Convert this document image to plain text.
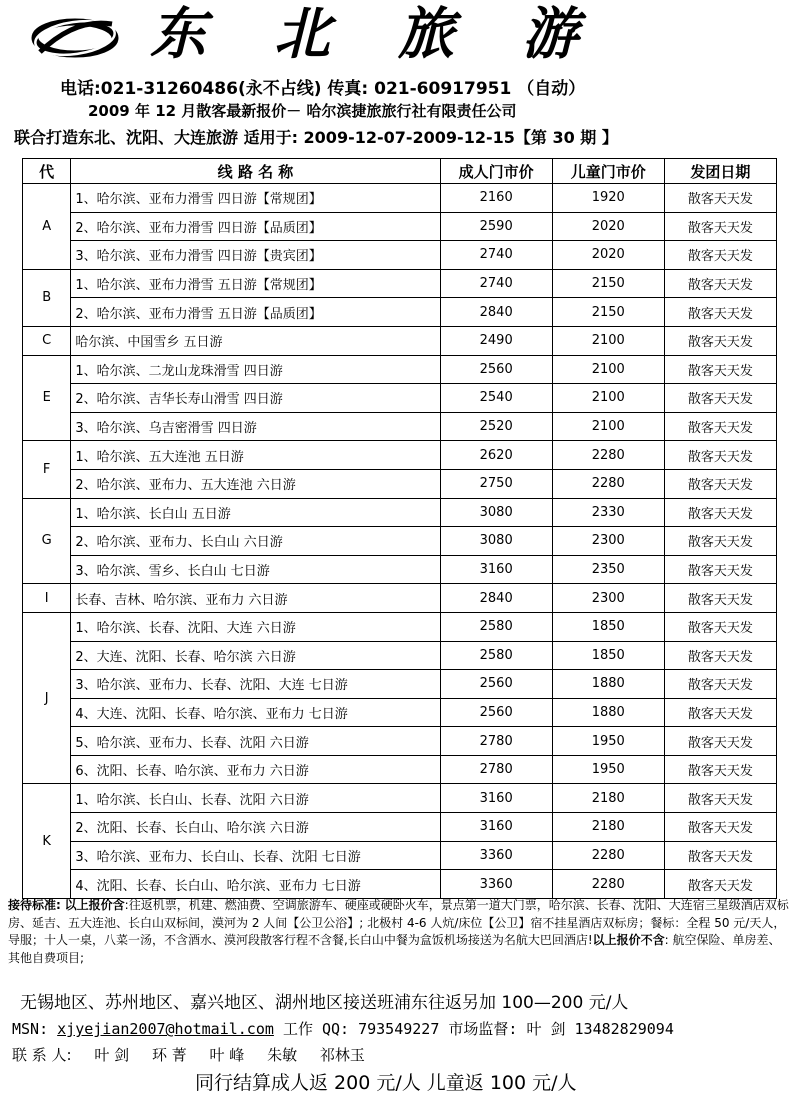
东北旅游
电话:021-31260486(永不占线) 传真: 021-60917951 （自动）
2009 年 12 月散客最新报价－ 哈尔滨捷旅旅行社有限责任公司
联合打造东北、沈阳、大连旅游 适用于: 2009-12-07-2009-12-15【第 30 期 】
代	线 路 名 称	成人门市价	儿童门市价	发团日期
A	1、哈尔滨、亚布力滑雪 四日游【常规团】	2160	1920	散客天天发
	2、哈尔滨、亚布力滑雪 四日游【品质团】	2590	2020	散客天天发
	3、哈尔滨、亚布力滑雪 四日游【贵宾团】	2740	2020	散客天天发
B	1、哈尔滨、亚布力滑雪 五日游【常规团】	2740	2150	散客天天发
	2、哈尔滨、亚布力滑雪 五日游【品质团】	2840	2150	散客天天发
C	哈尔滨、中国雪乡 五日游	2490	2100	散客天天发
E	1、哈尔滨、二龙山龙珠滑雪 四日游	2560	2100	散客天天发
	2、哈尔滨、吉华长寿山滑雪 四日游	2540	2100	散客天天发
	3、哈尔滨、乌吉密滑雪 四日游	2520	2100	散客天天发
F	1、哈尔滨、五大连池 五日游	2620	2280	散客天天发
	2、哈尔滨、亚布力、五大连池 六日游	2750	2280	散客天天发
G	1、哈尔滨、长白山 五日游	3080	2330	散客天天发
	2、哈尔滨、亚布力、长白山 六日游	3080	2300	散客天天发
	3、哈尔滨、雪乡、长白山 七日游	3160	2350	散客天天发
I	长春、吉林、哈尔滨、亚布力 六日游	2840	2300	散客天天发
J	1、哈尔滨、长春、沈阳、大连 六日游	2580	1850	散客天天发
	2、大连、沈阳、长春、哈尔滨 六日游	2580	1850	散客天天发
	3、哈尔滨、亚布力、长春、沈阳、大连 七日游	2560	1880	散客天天发
	4、大连、沈阳、长春、哈尔滨、亚布力 七日游	2560	1880	散客天天发
	5、哈尔滨、亚布力、长春、沈阳 六日游	2780	1950	散客天天发
	6、沈阳、长春、哈尔滨、亚布力 六日游	2780	1950	散客天天发
K	1、哈尔滨、长白山、长春、沈阳 六日游	3160	2180	散客天天发
	2、沈阳、长春、长白山、哈尔滨 六日游	3160	2180	散客天天发
	3、哈尔滨、亚布力、长白山、长春、沈阳 七日游	3360	2280	散客天天发
	4、沈阳、长春、长白山、哈尔滨、亚布力 七日游	3360	2280	散客天天发
接待标准: 以上报价含:往返机票，机建、燃油费、空调旅游车、硬座或硬卧火车，景点第一道大门票，哈尔滨、长春、沈阳、大连宿三星级酒店双标房、延吉、五大连池、长白山双标间，漠河为 2 人间【公卫公浴】; 北极村 4-6 人炕/床位【公卫】宿不挂星酒店双标房；餐标：全程 50 元/天人，导服；十人一桌，八菜一汤，不含酒水、漠河段散客行程不含餐,长白山中餐为盒饭机场接送为名航大巴回酒店!以上报价不含: 航空保险、单房差、 其他自费项目;
无锡地区、苏州地区、嘉兴地区、湖州地区接送班浦东往返另加 100—200 元/人
MSN: xjyejian2007@hotmail.com 工作 QQ: 793549227 市场监督: 叶 剑 13482829094
联 系 人: 叶 剑 环 菁 叶 峰 朱敏 祁林玉
同行结算成人返 200 元/人 儿童返 100 元/人
